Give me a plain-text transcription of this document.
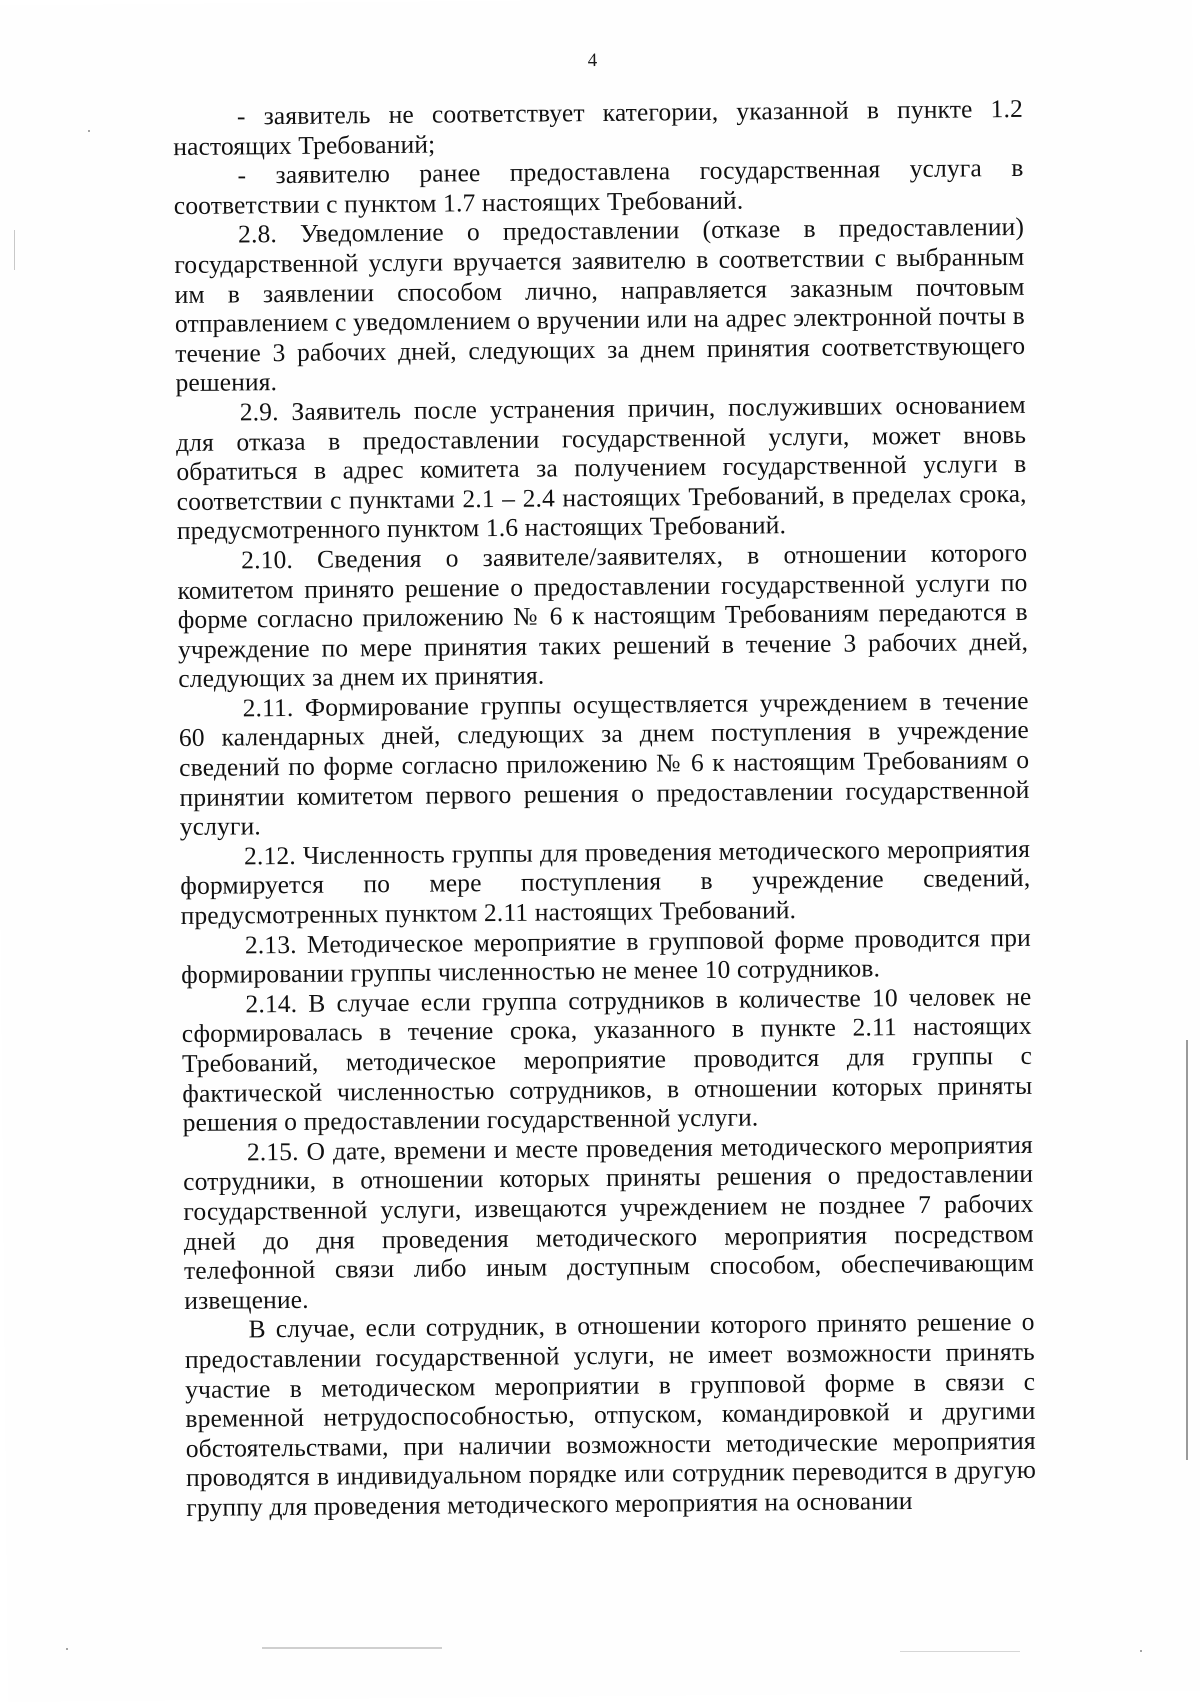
4

- заявитель не соответствует категории, указанной в пункте 1.2 настоящих Требований;

- заявителю ранее предоставлена государственная услуга в соответствии с пунктом 1.7 настоящих Требований.

2.8. Уведомление о предоставлении (отказе в предоставлении) государственной услуги вручается заявителю в соответствии с выбранным им в заявлении способом лично, направляется заказным почтовым отправлением с уведомлением о вручении или на адрес электронной почты в течение 3 рабочих дней, следующих за днем принятия соответствующего решения.

2.9. Заявитель после устранения причин, послуживших основанием для отказа в предоставлении государственной услуги, может вновь обратиться в адрес комитета за получением государственной услуги в соответствии с пунктами 2.1 – 2.4 настоящих Требований, в пределах срока, предусмотренного пунктом 1.6 настоящих Требований.

2.10. Сведения о заявителе/заявителях, в отношении которого комитетом принято решение о предоставлении государственной услуги по форме согласно приложению № 6 к настоящим Требованиям передаются в учреждение по мере принятия таких решений в течение 3 рабочих дней, следующих за днем их принятия.

2.11. Формирование группы осуществляется учреждением в течение 60 календарных дней, следующих за днем поступления в учреждение сведений по форме согласно приложению № 6 к настоящим Требованиям о принятии комитетом первого решения о предоставлении государственной услуги.

2.12. Численность группы для проведения методического мероприятия формируется по мере поступления в учреждение сведений, предусмотренных пунктом 2.11 настоящих Требований.

2.13. Методическое мероприятие в групповой форме проводится при формировании группы численностью не менее 10 сотрудников.

2.14. В случае если группа сотрудников в количестве 10 человек не сформировалась в течение срока, указанного в пункте 2.11 настоящих Требований, методическое мероприятие проводится для группы с фактической численностью сотрудников, в отношении которых приняты решения о предоставлении государственной услуги.

2.15. О дате, времени и месте проведения методического мероприятия сотрудники, в отношении которых приняты решения о предоставлении государственной услуги, извещаются учреждением не позднее 7 рабочих дней до дня проведения методического мероприятия посредством телефонной связи либо иным доступным способом, обеспечивающим извещение.

В случае, если сотрудник, в отношении которого принято решение о предоставлении государственной услуги, не имеет возможности принять участие в методическом мероприятии в групповой форме в связи с временной нетрудоспособностью, отпуском, командировкой и другими обстоятельствами, при наличии возможности методические мероприятия проводятся в индивидуальном порядке или сотрудник переводится в другую группу для проведения методического мероприятия на основании
